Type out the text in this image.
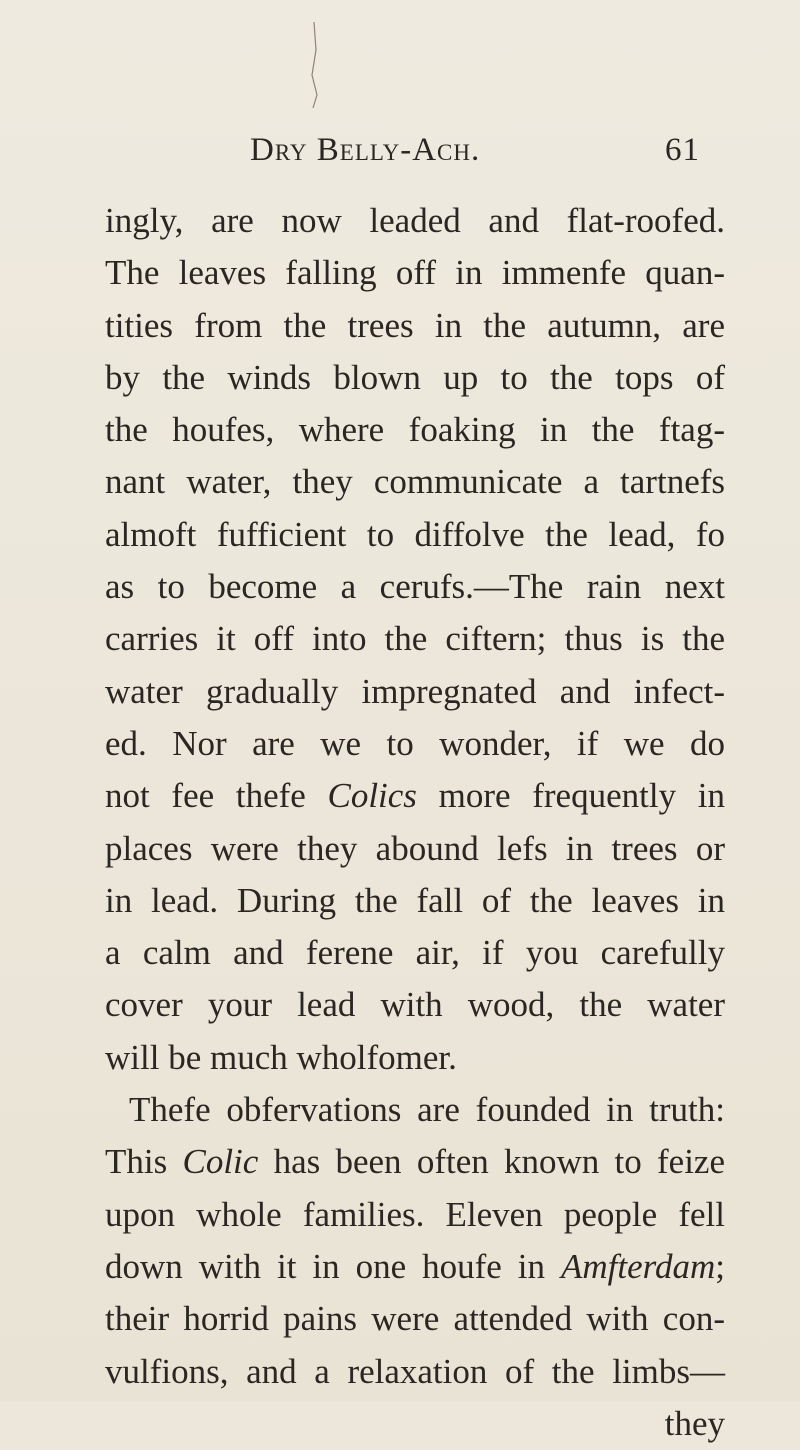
Dry Belly-Ach.	61
ingly, are now leaded and flat-roofed.
The leaves falling off in immenfe quan-
tities from the trees in the autumn, are
by the winds blown up to the tops of
the houfes, where foaking in the ftag-
nant water, they communicate a tartnefs
almoft fufficient to diffolve the lead, fo
as to become a cerufs.—The rain next
carries it off into the ciftern; thus is the
water gradually impregnated and infect-
ed. Nor are we to wonder, if we do
not fee thefe Colics more frequently in
places were they abound lefs in trees or
in lead. During the fall of the leaves in
a calm and ferene air, if you carefully
cover your lead with wood, the water
will be much wholfomer.
Thefe obfervations are founded in truth:
This Colic has been often known to feize
upon whole families. Eleven people fell
down with it in one houfe in Amfterdam;
their horrid pains were attended with con-
vulfions, and a relaxation of the limbs—
they
